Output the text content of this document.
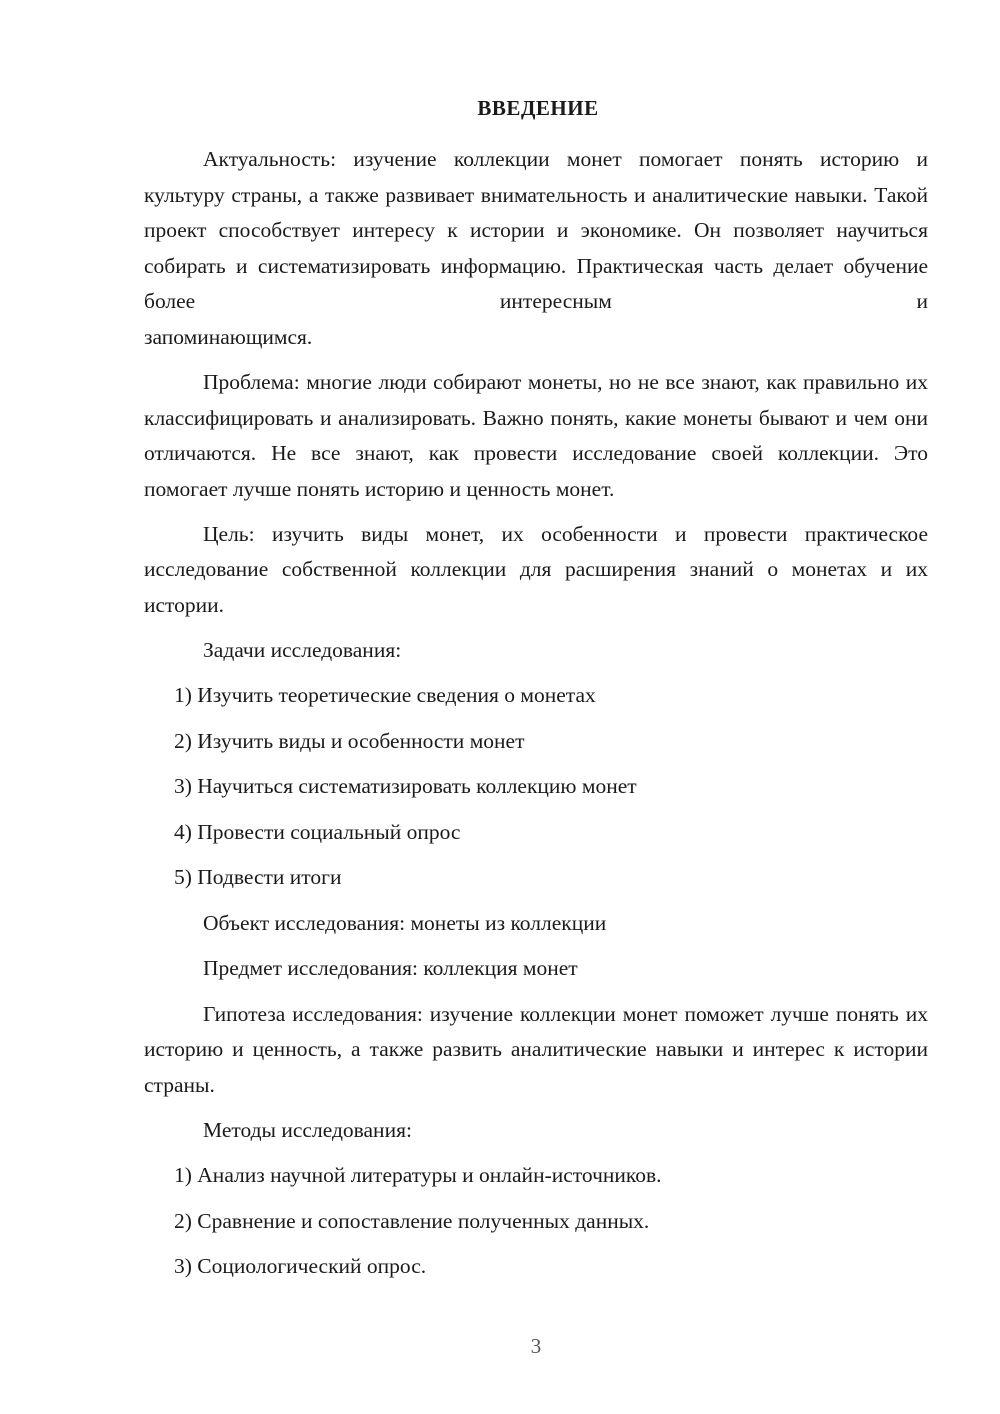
ВВЕДЕНИЕ

Актуальность: изучение коллекции монет помогает понять историю и культуру страны, а также развивает внимательность и аналитические навыки. Такой проект способствует интересу к истории и экономике. Он позволяет научиться собирать и систематизировать информацию. Практическая часть делает обучение более интересным и

запоминающимся.

Проблема: многие люди собирают монеты, но не все знают, как правильно их классифицировать и анализировать. Важно понять, какие монеты бывают и чем они отличаются. Не все знают, как провести исследование своей коллекции. Это помогает лучше понять историю и ценность монет.

Цель: изучить виды монет, их особенности и провести практическое исследование собственной коллекции для расширения знаний о монетах и их истории.

Задачи исследования:
1) Изучить теоретические сведения о монетах
2) Изучить виды и особенности монет
3) Научиться систематизировать коллекцию монет
4) Провести социальный опрос
5) Подвести итоги
Объект исследования: монеты из коллекции
Предмет исследования: коллекция монет

Гипотеза исследования: изучение коллекции монет поможет лучше понять их историю и ценность, а также развить аналитические навыки и интерес к истории страны.

Методы исследования:
1) Анализ научной литературы и онлайн-источников.
2) Сравнение и сопоставление полученных данных.
3) Социологический опрос.
3
